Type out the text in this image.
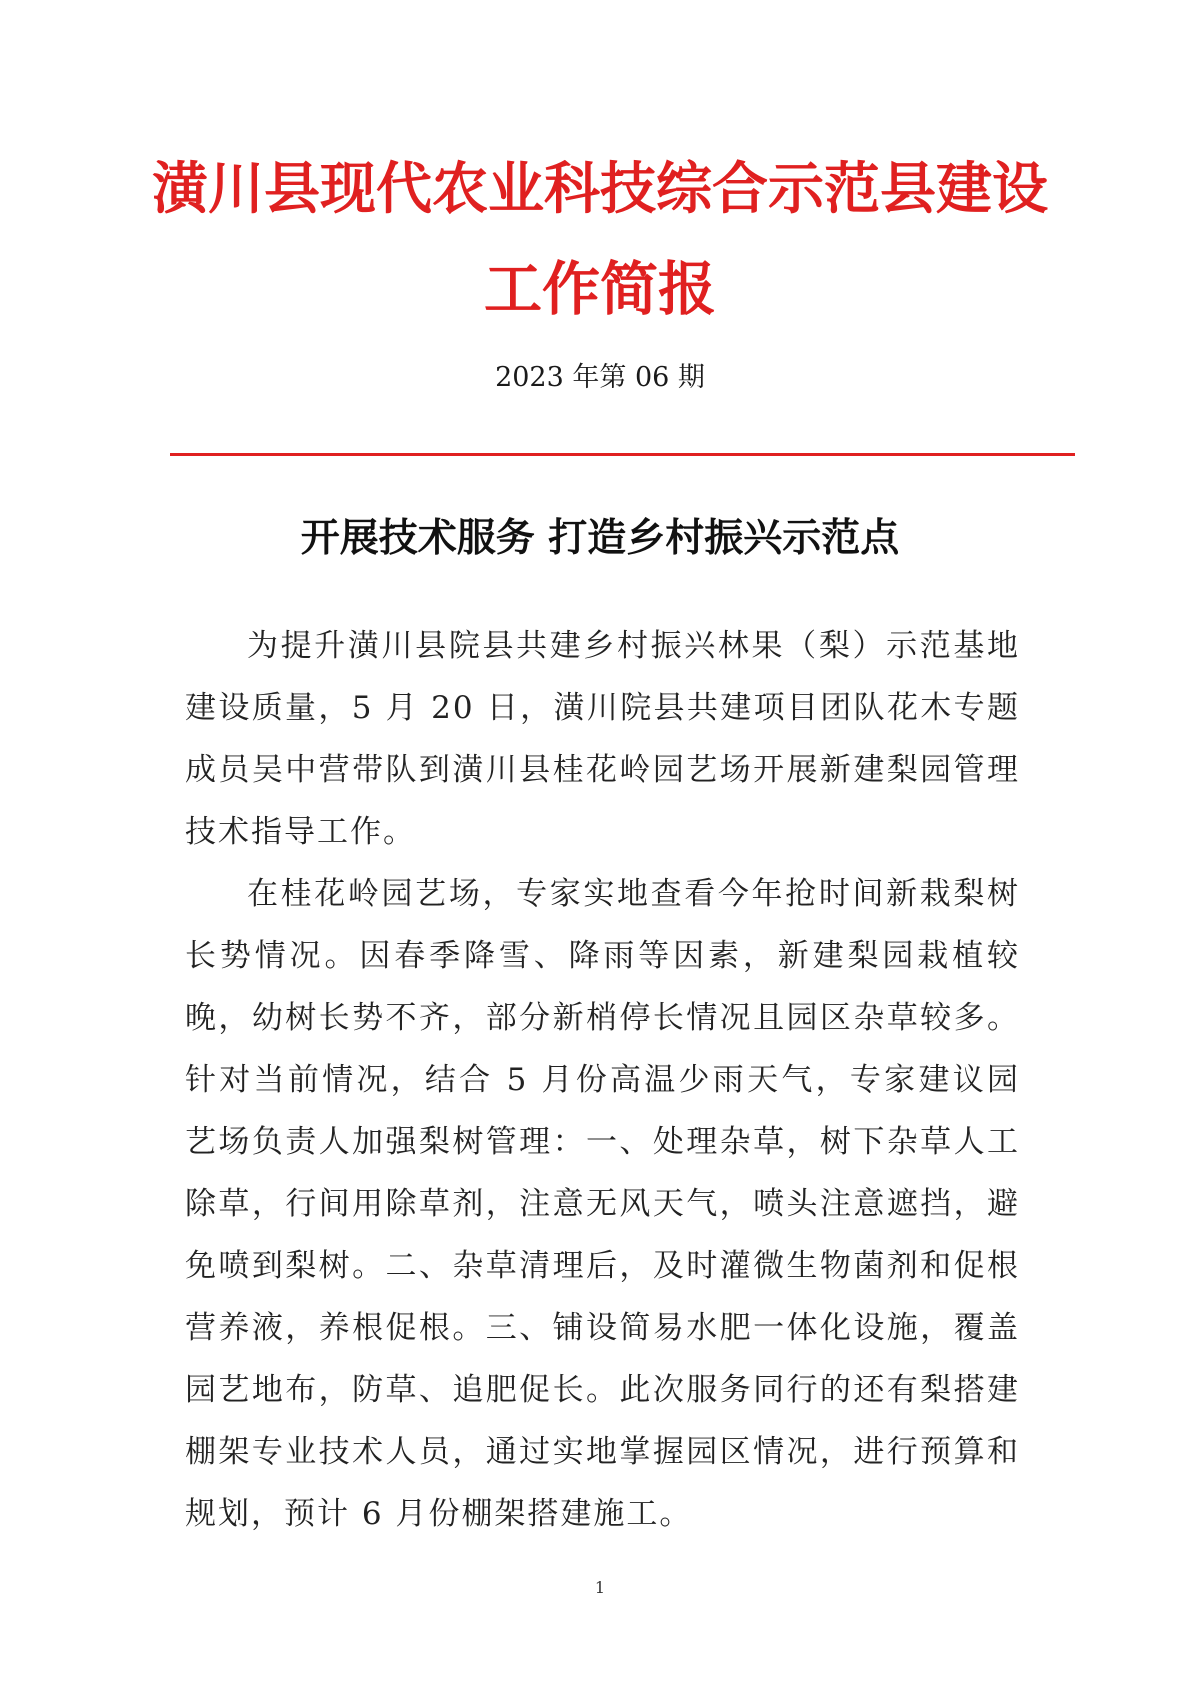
潢川县现代农业科技综合示范县建设
工作简报
2023 年第 06 期
开展技术服务 打造乡村振兴示范点

为提升潢川县院县共建乡村振兴林果（梨）示范基地建设质量，5 月 20 日，潢川院县共建项目团队花木专题成员吴中营带队到潢川县桂花岭园艺场开展新建梨园管理技术指导工作。

在桂花岭园艺场，专家实地查看今年抢时间新栽梨树长势情况。因春季降雪、降雨等因素，新建梨园栽植较晚，幼树长势不齐，部分新梢停长情况且园区杂草较多。针对当前情况，结合 5 月份高温少雨天气，专家建议园艺场负责人加强梨树管理：一、处理杂草，树下杂草人工除草，行间用除草剂，注意无风天气，喷头注意遮挡，避免喷到梨树。二、杂草清理后，及时灌微生物菌剂和促根营养液，养根促根。三、铺设简易水肥一体化设施，覆盖园艺地布，防草、追肥促长。此次服务同行的还有梨搭建棚架专业技术人员，通过实地掌握园区情况，进行预算和规划，预计 6 月份棚架搭建施工。

1
